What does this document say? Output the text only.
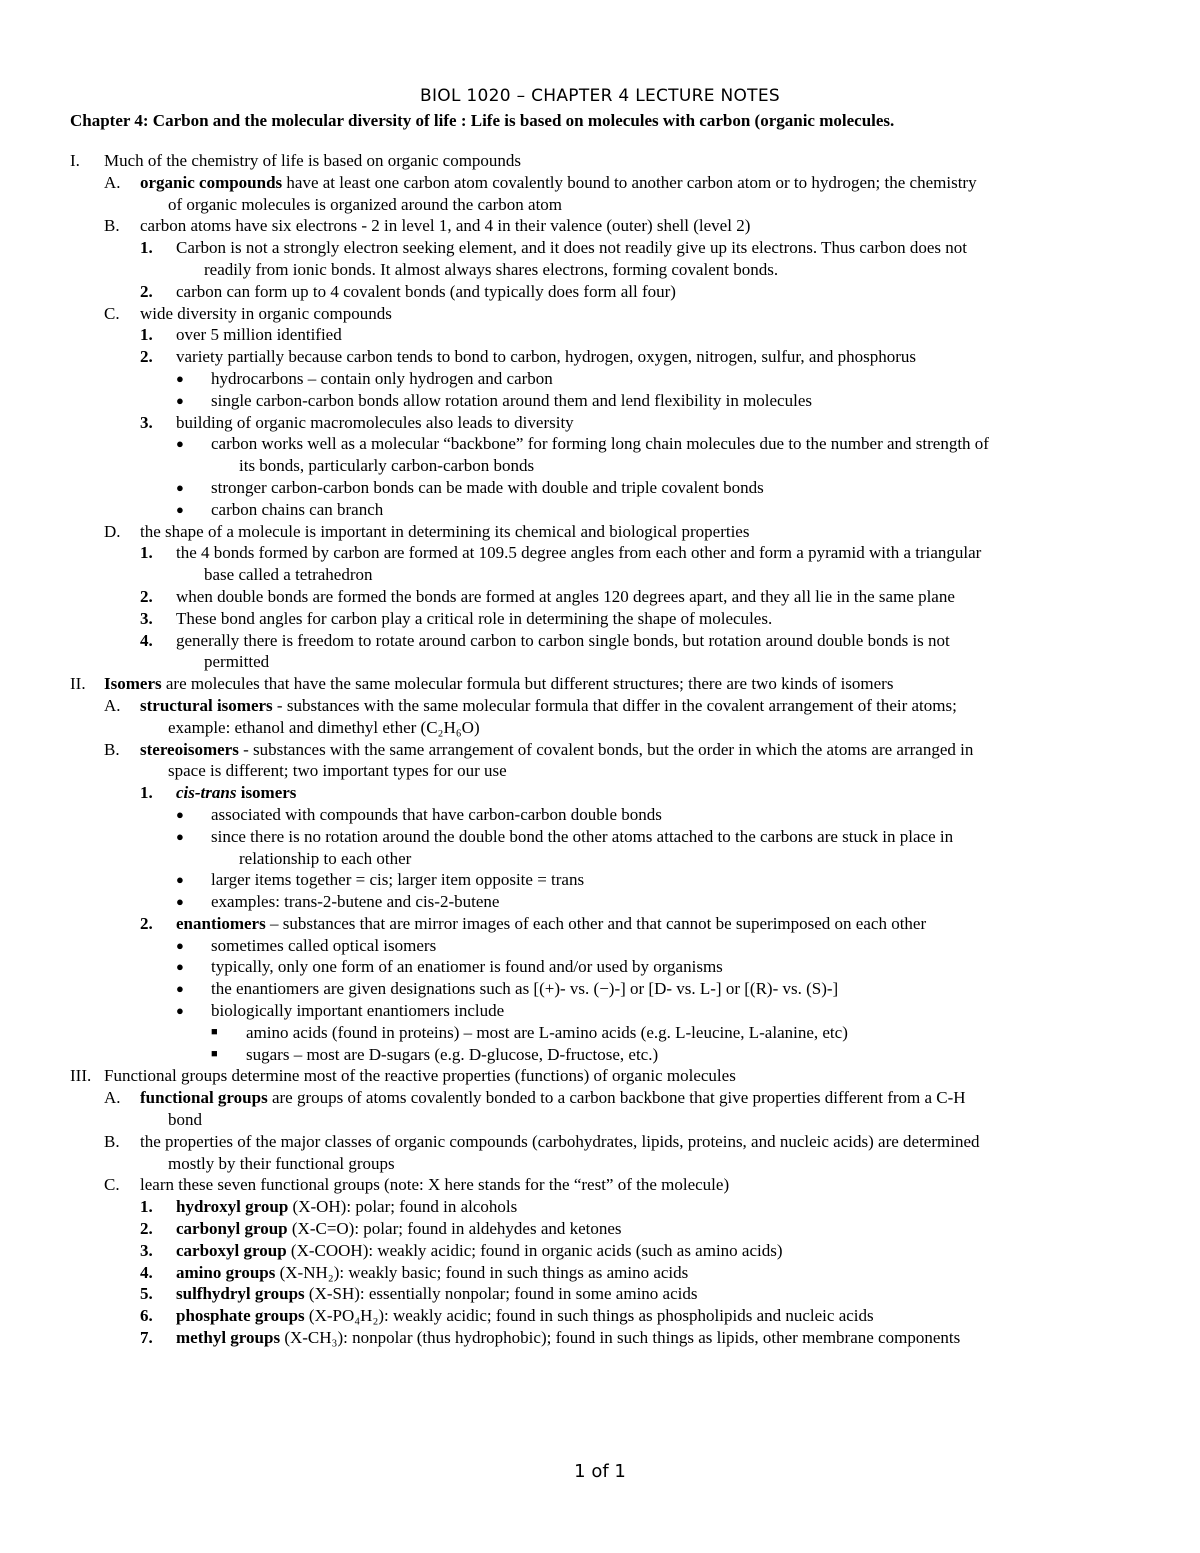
BIOL 1020 – CHAPTER 4 LECTURE NOTES
Chapter 4: Carbon and the molecular diversity of life : Life is based on molecules with carbon (organic molecules.
I. Much of the chemistry of life is based on organic compounds
A. organic compounds have at least one carbon atom covalently bound to another carbon atom or to hydrogen; the chemistry
of organic molecules is organized around the carbon atom
B. carbon atoms have six electrons - 2 in level 1, and 4 in their valence (outer) shell (level 2)
1. Carbon is not a strongly electron seeking element, and it does not readily give up its electrons. Thus carbon does not
readily from ionic bonds. It almost always shares electrons, forming covalent bonds.
2. carbon can form up to 4 covalent bonds (and typically does form all four)
C. wide diversity in organic compounds
1. over 5 million identified
2. variety partially because carbon tends to bond to carbon, hydrogen, oxygen, nitrogen, sulfur, and phosphorus
● hydrocarbons – contain only hydrogen and carbon
● single carbon-carbon bonds allow rotation around them and lend flexibility in molecules
3. building of organic macromolecules also leads to diversity
● carbon works well as a molecular “backbone” for forming long chain molecules due to the number and strength of
its bonds, particularly carbon-carbon bonds
● stronger carbon-carbon bonds can be made with double and triple covalent bonds
● carbon chains can branch
D. the shape of a molecule is important in determining its chemical and biological properties
1. the 4 bonds formed by carbon are formed at 109.5 degree angles from each other and form a pyramid with a triangular
base called a tetrahedron
2. when double bonds are formed the bonds are formed at angles 120 degrees apart, and they all lie in the same plane
3. These bond angles for carbon play a critical role in determining the shape of molecules.
4. generally there is freedom to rotate around carbon to carbon single bonds, but rotation around double bonds is not
permitted
II. Isomers are molecules that have the same molecular formula but different structures; there are two kinds of isomers
A. structural isomers - substances with the same molecular formula that differ in the covalent arrangement of their atoms;
example: ethanol and dimethyl ether (C₂H₆O)
B. stereoisomers - substances with the same arrangement of covalent bonds, but the order in which the atoms are arranged in
space is different; two important types for our use
1. cis-trans isomers
● associated with compounds that have carbon-carbon double bonds
● since there is no rotation around the double bond the other atoms attached to the carbons are stuck in place in
relationship to each other
● larger items together = cis; larger item opposite = trans
● examples: trans-2-butene and cis-2-butene
2. enantiomers – substances that are mirror images of each other and that cannot be superimposed on each other
● sometimes called optical isomers
● typically, only one form of an enatiomer is found and/or used by organisms
● the enantiomers are given designations such as [(+)- vs. (−)-] or [D- vs. L-] or [(R)- vs. (S)-]
● biologically important enantiomers include
■ amino acids (found in proteins) – most are L-amino acids (e.g. L-leucine, L-alanine, etc)
■ sugars – most are D-sugars (e.g. D-glucose, D-fructose, etc.)
III. Functional groups determine most of the reactive properties (functions) of organic molecules
A. functional groups are groups of atoms covalently bonded to a carbon backbone that give properties different from a C-H
bond
B. the properties of the major classes of organic compounds (carbohydrates, lipids, proteins, and nucleic acids) are determined
mostly by their functional groups
C. learn these seven functional groups (note: X here stands for the “rest” of the molecule)
1. hydroxyl group (X-OH): polar; found in alcohols
2. carbonyl group (X-C=O): polar; found in aldehydes and ketones
3. carboxyl group (X-COOH): weakly acidic; found in organic acids (such as amino acids)
4. amino groups (X-NH₂): weakly basic; found in such things as amino acids
5. sulfhydryl groups (X-SH): essentially nonpolar; found in some amino acids
6. phosphate groups (X-PO₄H₂): weakly acidic; found in such things as phospholipids and nucleic acids
7. methyl groups (X-CH₃): nonpolar (thus hydrophobic); found in such things as lipids, other membrane components
1 of 1
